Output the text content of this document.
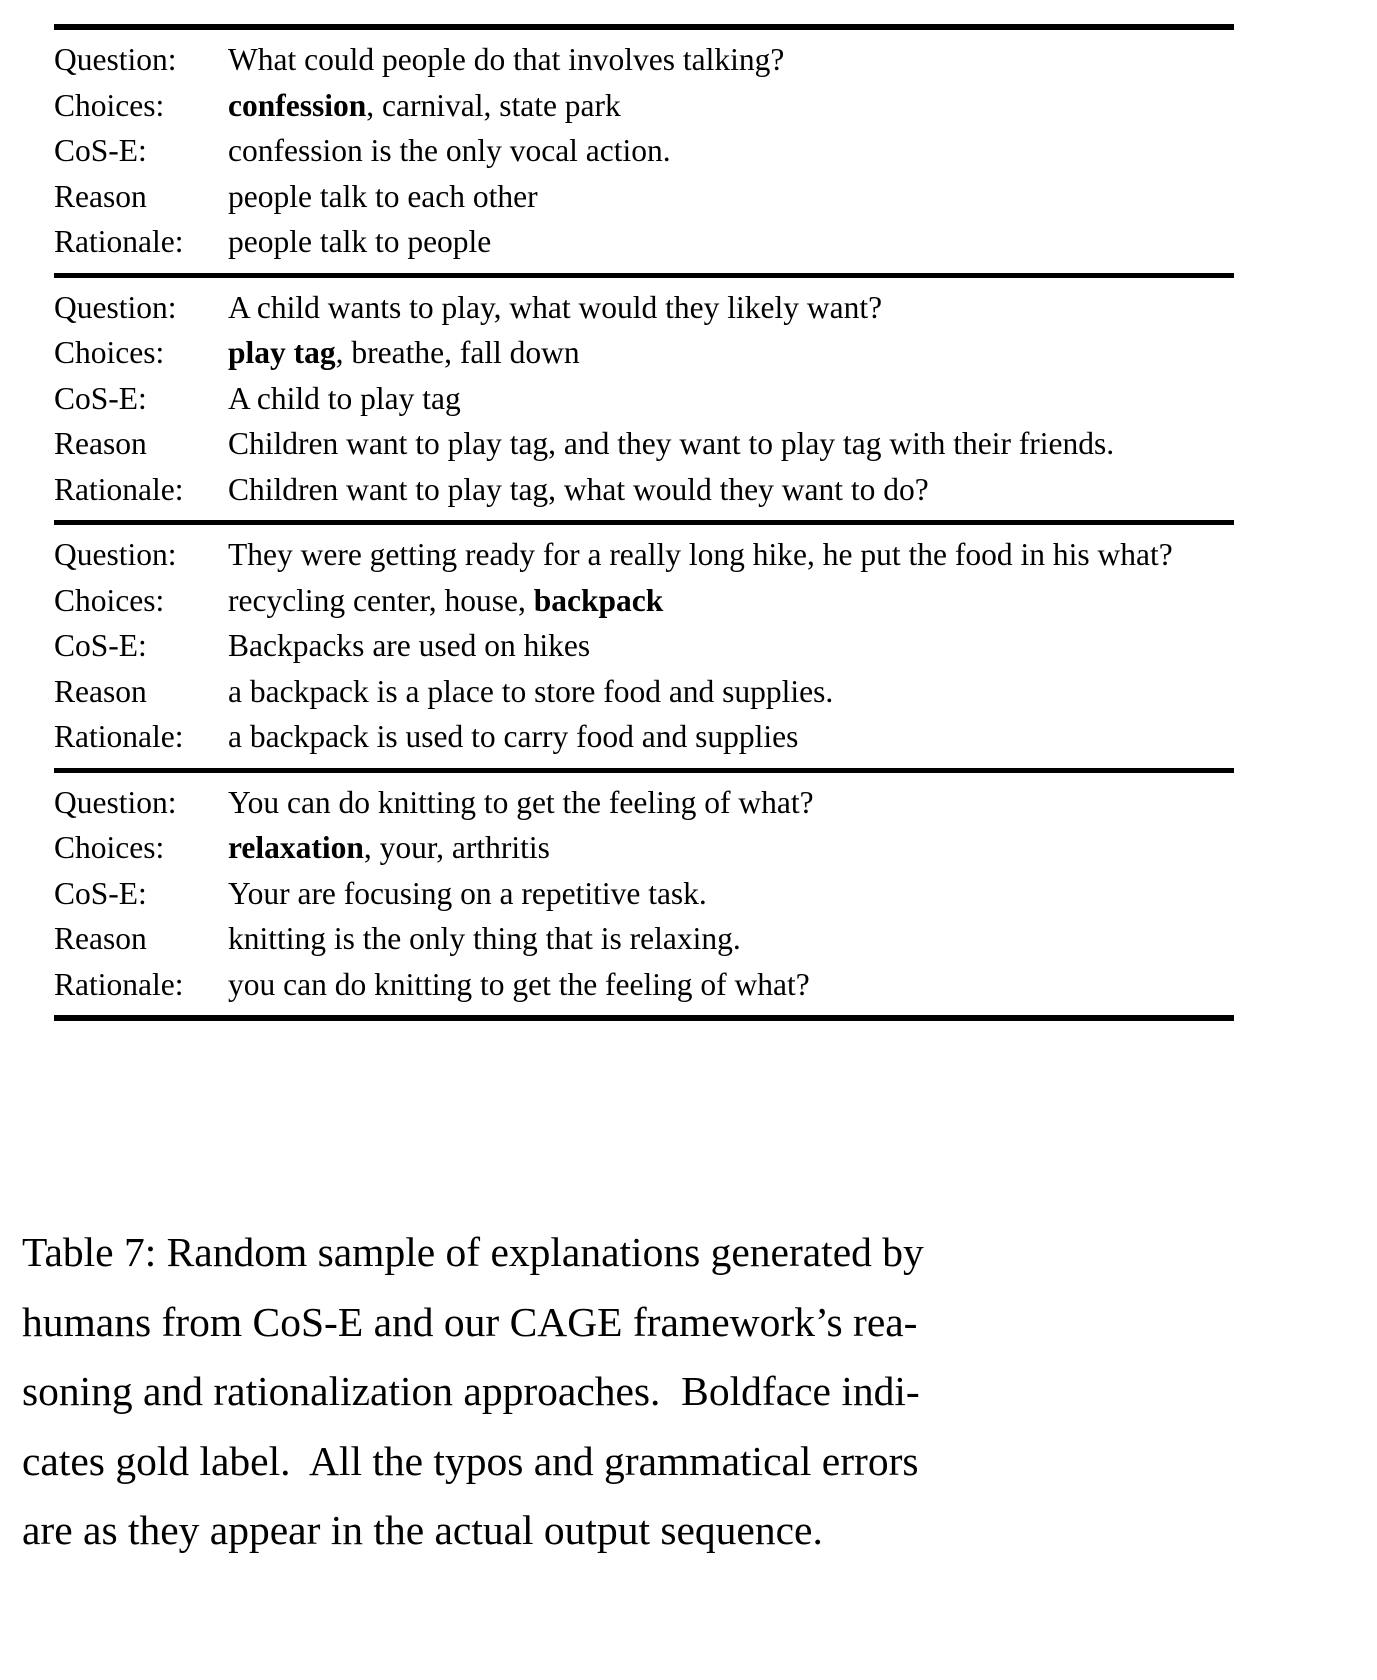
Question:	What could people do that involves talking?
Choices:	confession, carnival, state park
CoS-E:	confession is the only vocal action.
Reason	people talk to each other
Rationale:	people talk to people
Question:	A child wants to play, what would they likely want?
Choices:	play tag, breathe, fall down
CoS-E:	A child to play tag
Reason	Children want to play tag, and they want to play tag with their friends.
Rationale:	Children want to play tag, what would they want to do?
Question:	They were getting ready for a really long hike, he put the food in his what?
Choices:	recycling center, house, backpack
CoS-E:	Backpacks are used on hikes
Reason	a backpack is a place to store food and supplies.
Rationale:	a backpack is used to carry food and supplies
Question:	You can do knitting to get the feeling of what?
Choices:	relaxation, your, arthritis
CoS-E:	Your are focusing on a repetitive task.
Reason	knitting is the only thing that is relaxing.
Rationale:	you can do knitting to get the feeling of what?
Table 7: Random sample of explanations generated by
humans from CoS-E and our CAGE framework’s rea-
soning and rationalization approaches.  Boldface indi-
cates gold label.  All the typos and grammatical errors
are as they appear in the actual output sequence.
